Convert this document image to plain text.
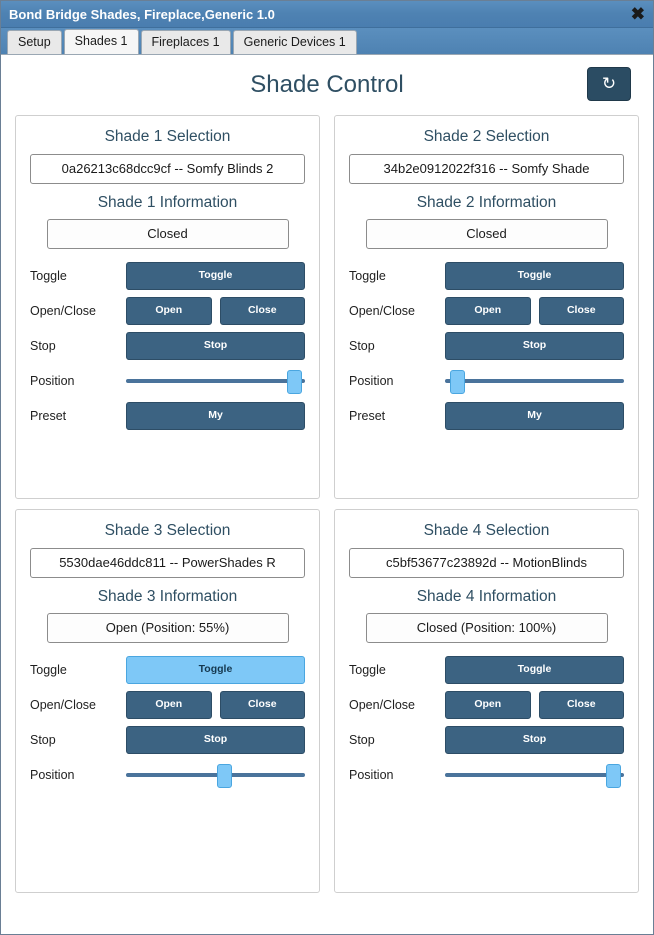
Bond Bridge Shades, Fireplace,Generic 1.0	✖
Setup	Shades 1	Fireplaces 1	Generic Devices 1
Shade Control	↻
Shade 1 Selection
0a26213c68dcc9cf -- Somfy Blinds 2
Shade 1 Information
Closed
Toggle	Toggle
Open/Close	Open	Close
Stop	Stop
Position
Preset	My
Shade 2 Selection
34b2e0912022f316 -- Somfy Shade
Shade 2 Information
Closed
Toggle	Toggle
Open/Close	Open	Close
Stop	Stop
Position
Preset	My
Shade 3 Selection
5530dae46ddc811 -- PowerShades R
Shade 3 Information
Open (Position: 55%)
Toggle	Toggle
Open/Close	Open	Close
Stop	Stop
Position
Shade 4 Selection
c5bf53677c23892d -- MotionBlinds
Shade 4 Information
Closed (Position: 100%)
Toggle	Toggle
Open/Close	Open	Close
Stop	Stop
Position
